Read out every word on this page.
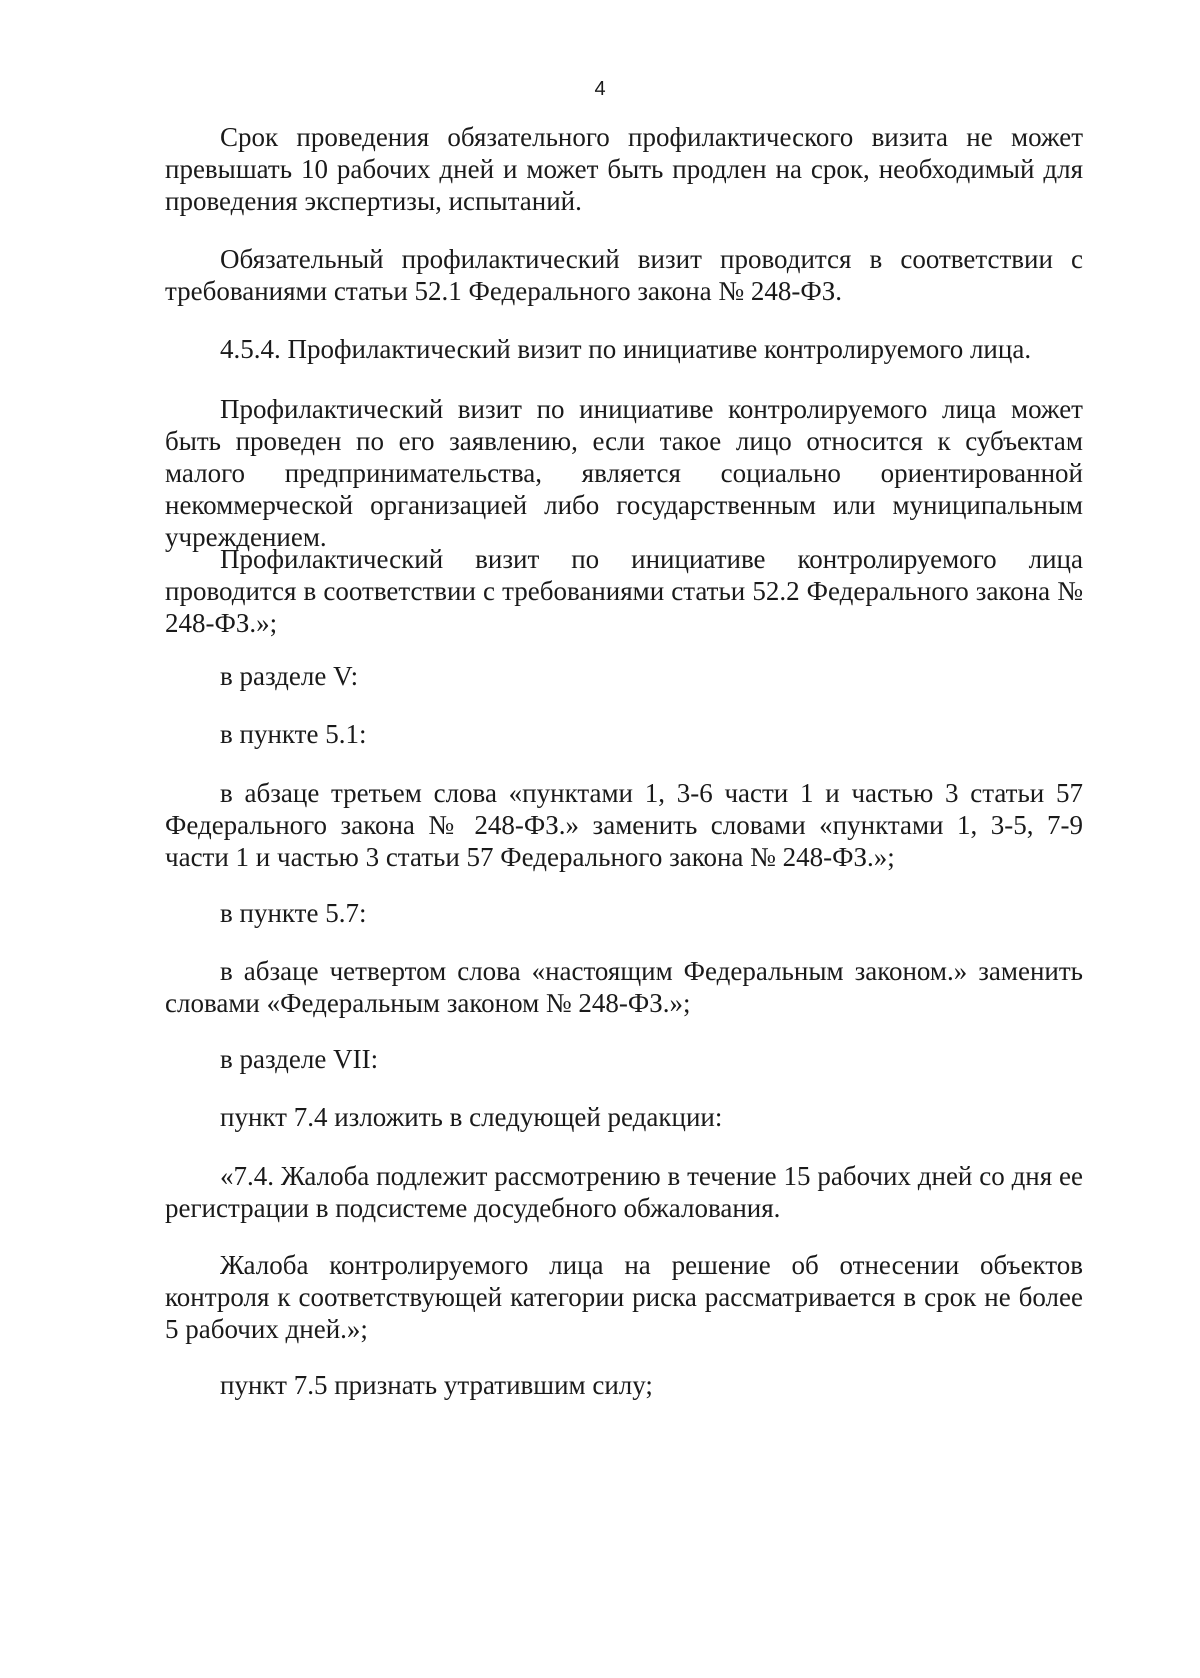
4

Срок проведения обязательного профилактического визита не может превышать 10 рабочих дней и может быть продлен на срок, необходимый для проведения экспертизы, испытаний.

Обязательный профилактический визит проводится в соответствии с требованиями статьи 52.1 Федерального закона № 248-ФЗ.

4.5.4. Профилактический визит по инициативе контролируемого лица.

Профилактический визит по инициативе контролируемого лица может быть проведен по его заявлению, если такое лицо относится к субъектам малого предпринимательства, является социально ориентированной некоммерческой организацией либо государственным или муниципальным учреждением.

Профилактический визит по инициативе контролируемого лица проводится в соответствии с требованиями статьи 52.2 Федерального закона № 248-ФЗ.»;

в разделе V:

в пункте 5.1:

в абзаце третьем слова «пунктами 1, 3-6 части 1 и частью 3 статьи 57 Федерального закона № 248-ФЗ.» заменить словами «пунктами 1, 3-5, 7-9 части 1 и частью 3 статьи 57 Федерального закона № 248-ФЗ.»;

в пункте 5.7:

в абзаце четвертом слова «настоящим Федеральным законом.» заменить словами «Федеральным законом № 248-ФЗ.»;

в разделе VII:

пункт 7.4 изложить в следующей редакции:

«7.4. Жалоба подлежит рассмотрению в течение 15 рабочих дней со дня ее регистрации в подсистеме досудебного обжалования.

Жалоба контролируемого лица на решение об отнесении объектов контроля к соответствующей категории риска рассматривается в срок не более 5 рабочих дней.»;

пункт 7.5 признать утратившим силу;
